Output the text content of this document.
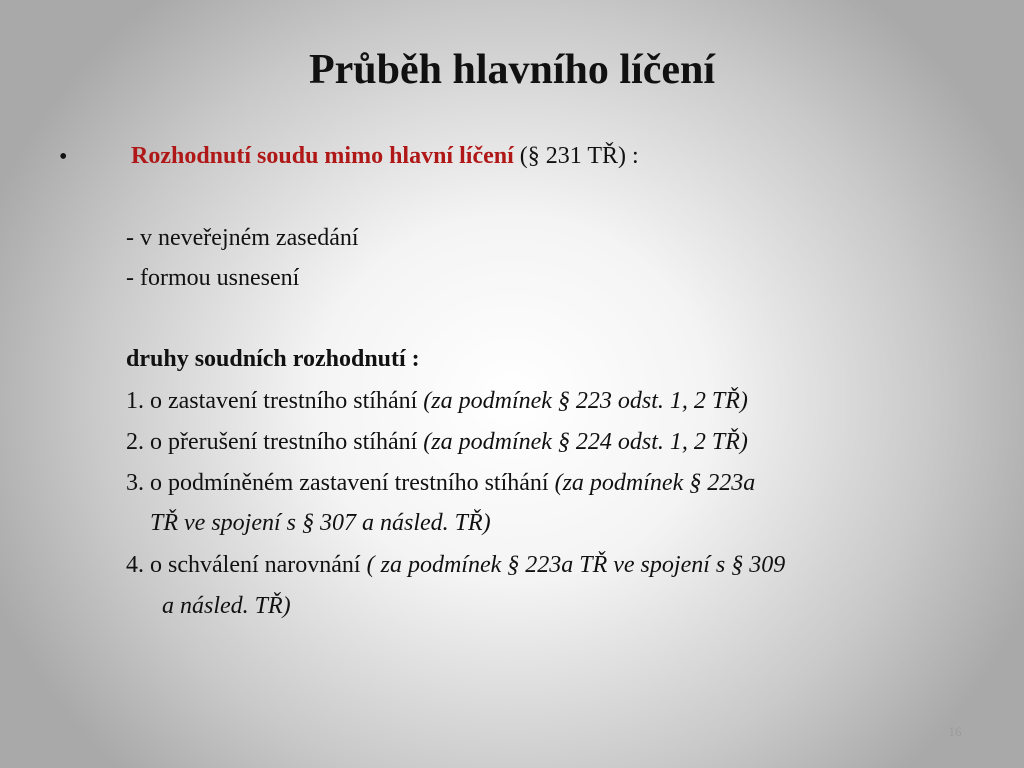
Průběh hlavního líčení
•	Rozhodnutí soudu mimo hlavní líčení (§ 231 TŘ) :

- v neveřejném zasedání

- formou usnesení

druhy soudních rozhodnutí :

1. o zastavení trestního stíhání (za podmínek § 223 odst. 1, 2 TŘ)

2. o přerušení trestního stíhání (za podmínek § 224 odst. 1, 2 TŘ)

3. o podmíněném zastavení trestního stíhání (za podmínek § 223a

TŘ ve spojení s § 307 a násled. TŘ)

4. o schválení narovnání ( za podmínek § 223a TŘ ve spojení s § 309

a násled. TŘ)

16
